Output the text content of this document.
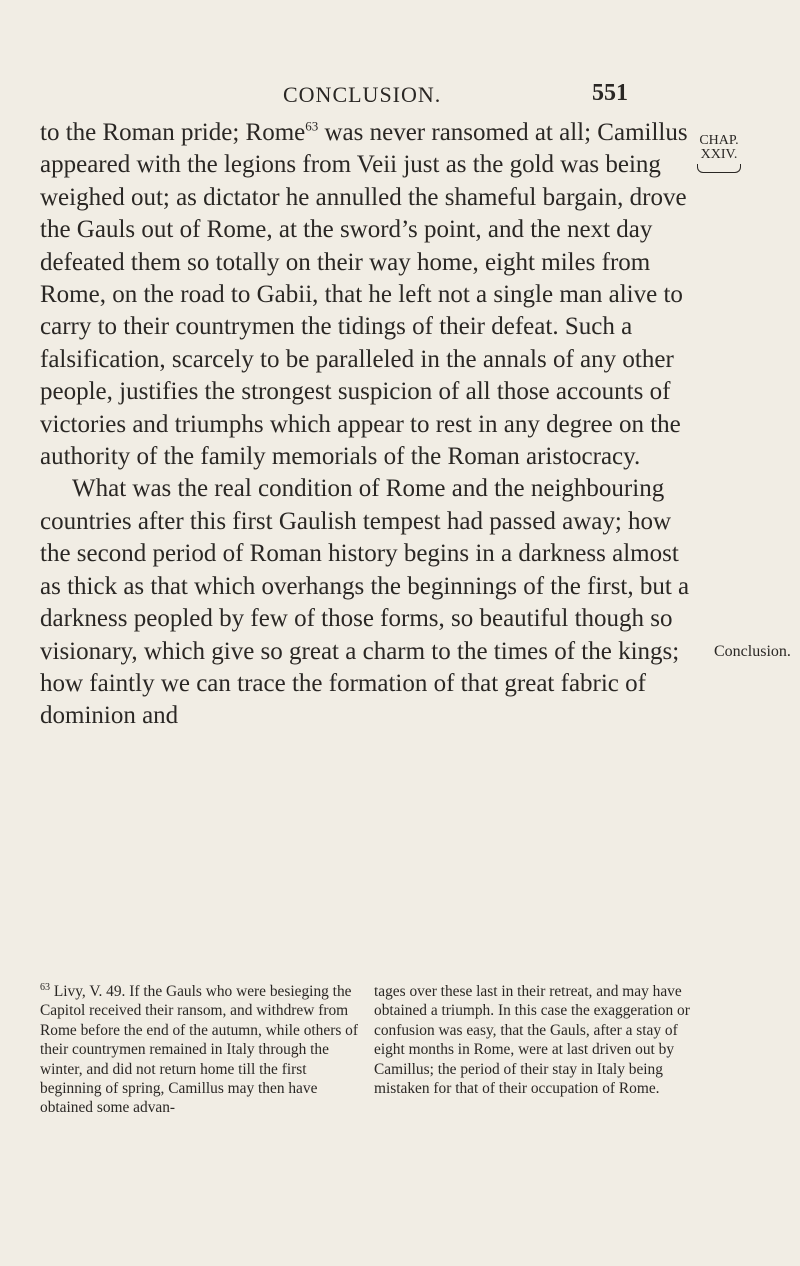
CONCLUSION.	551
CHAP.
XXIV.
Conclusion.

to the Roman pride; Rome$^{63}$ was never ransomed at all; Camillus appeared with the legions from Veii just as the gold was being weighed out; as dictator he annulled the shameful bargain, drove the Gauls out of Rome, at the sword’s point, and the next day defeated them so totally on their way home, eight miles from Rome, on the road to Gabii, that he left not a single man alive to carry to their countrymen the tidings of their defeat. Such a falsification, scarcely to be paralleled in the annals of any other people, justifies the strongest suspicion of all those accounts of victories and triumphs which appear to rest in any degree on the authority of the family memorials of the Roman aristocracy.

What was the real condition of Rome and the neighbouring countries after this first Gaulish tempest had passed away; how the second period of Roman history begins in a darkness almost as thick as that which overhangs the beginnings of the first, but a darkness peopled by few of those forms, so beautiful though so visionary, which give so great a charm to the times of the kings; how faintly we can trace the formation of that great fabric of dominion and

$^{63}$ Livy, V. 49. If the Gauls who were besieging the Capitol received their ransom, and withdrew from Rome before the end of the autumn, while others of their countrymen remained in Italy through the winter, and did not return home till the first beginning of spring, Camillus may then have obtained some advan-

tages over these last in their retreat, and may have obtained a triumph. In this case the exaggeration or confusion was easy, that the Gauls, after a stay of eight months in Rome, were at last driven out by Camillus; the period of their stay in Italy being mistaken for that of their occupation of Rome.
